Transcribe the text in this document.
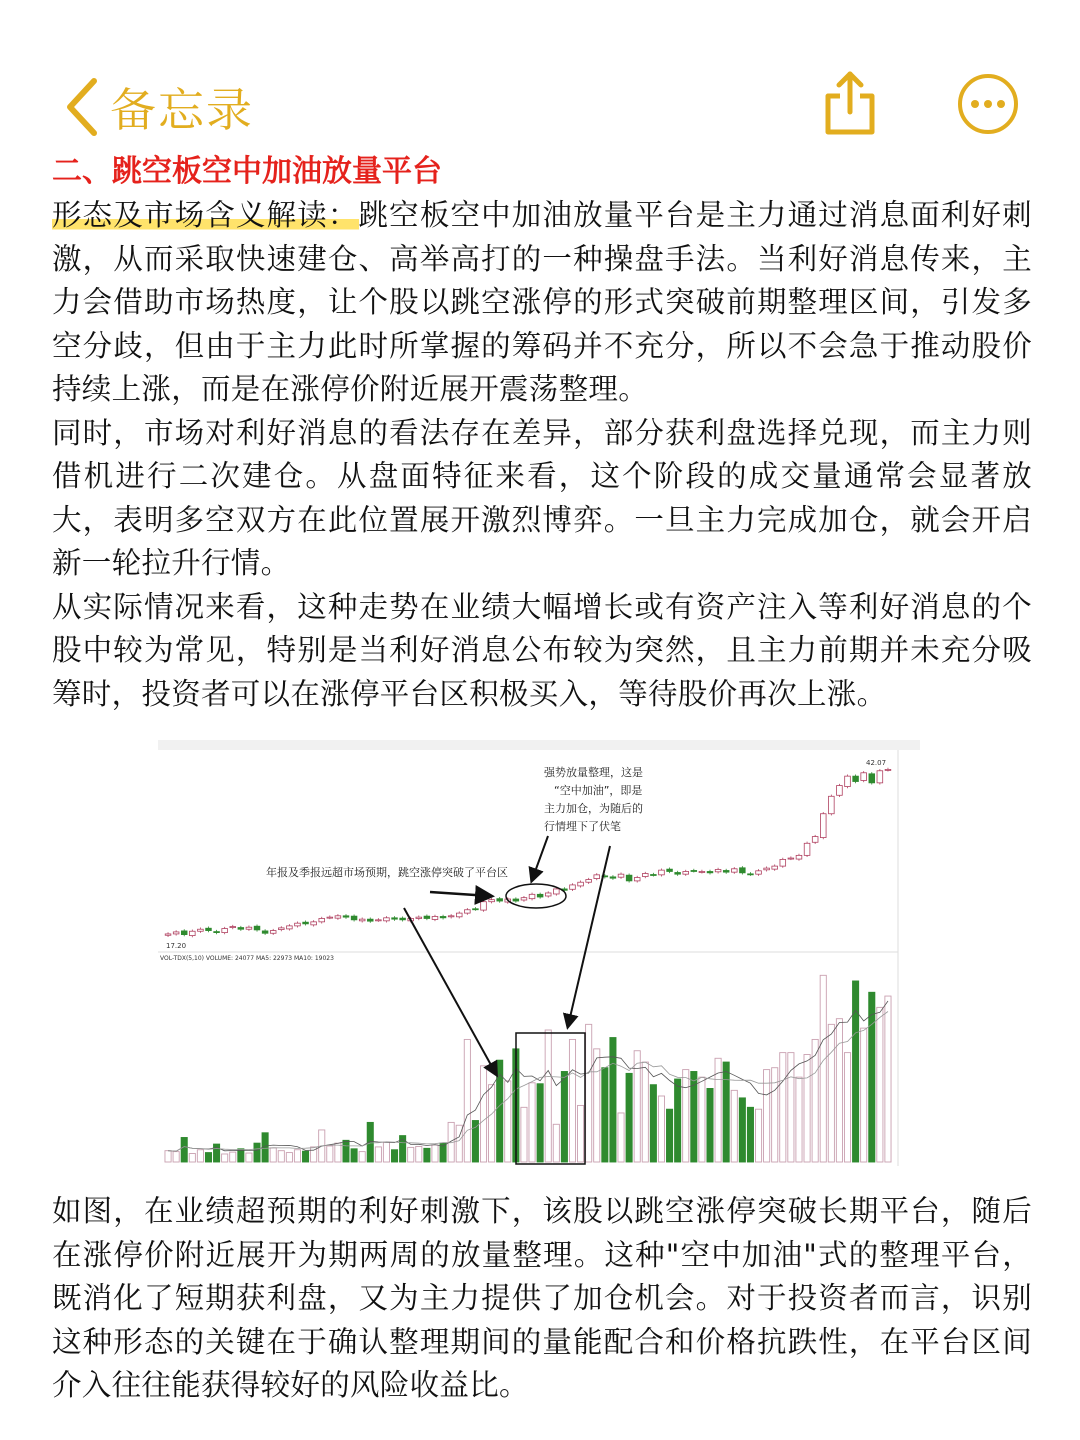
备忘录
二、跳空板空中加油放量平台

形态及市场含义解读：跳空板空中加油放量平台是主力通过消息面利好刺激，从而采取快速建仓、高举高打的一种操盘手法。当利好消息传来，主力会借助市场热度，让个股以跳空涨停的形式突破前期整理区间，引发多空分歧，但由于主力此时所掌握的筹码并不充分，所以不会急于推动股价持续上涨，而是在涨停价附近展开震荡整理。

同时，市场对利好消息的看法存在差异，部分获利盘选择兑现，而主力则借机进行二次建仓。从盘面特征来看，这个阶段的成交量通常会显著放大，表明多空双方在此位置展开激烈博弈。一旦主力完成加仓，就会开启新一轮拉升行情。

从实际情况来看，这种走势在业绩大幅增长或有资产注入等利好消息的个股中较为常见，特别是当利好消息公布较为突然，且主力前期并未充分吸筹时，投资者可以在涨停平台区积极买入，等待股价再次上涨。

17.20
42.07
VOL-TDX(5,10) VOLUME: 24077 MA5: 22973 MA10: 19023
年报及季报远超市场预期，跳空涨停突破了平台区
强势放量整理，这是
“空中加油”，即是
主力加仓，为随后的
行情埋下了伏笔

如图，在业绩超预期的利好刺激下，该股以跳空涨停突破长期平台，随后在涨停价附近展开为期两周的放量整理。这种"空中加油"式的整理平台，既消化了短期获利盘，又为主力提供了加仓机会。对于投资者而言，识别这种形态的关键在于确认整理期间的量能配合和价格抗跌性，在平台区间介入往往能获得较好的风险收益比。
